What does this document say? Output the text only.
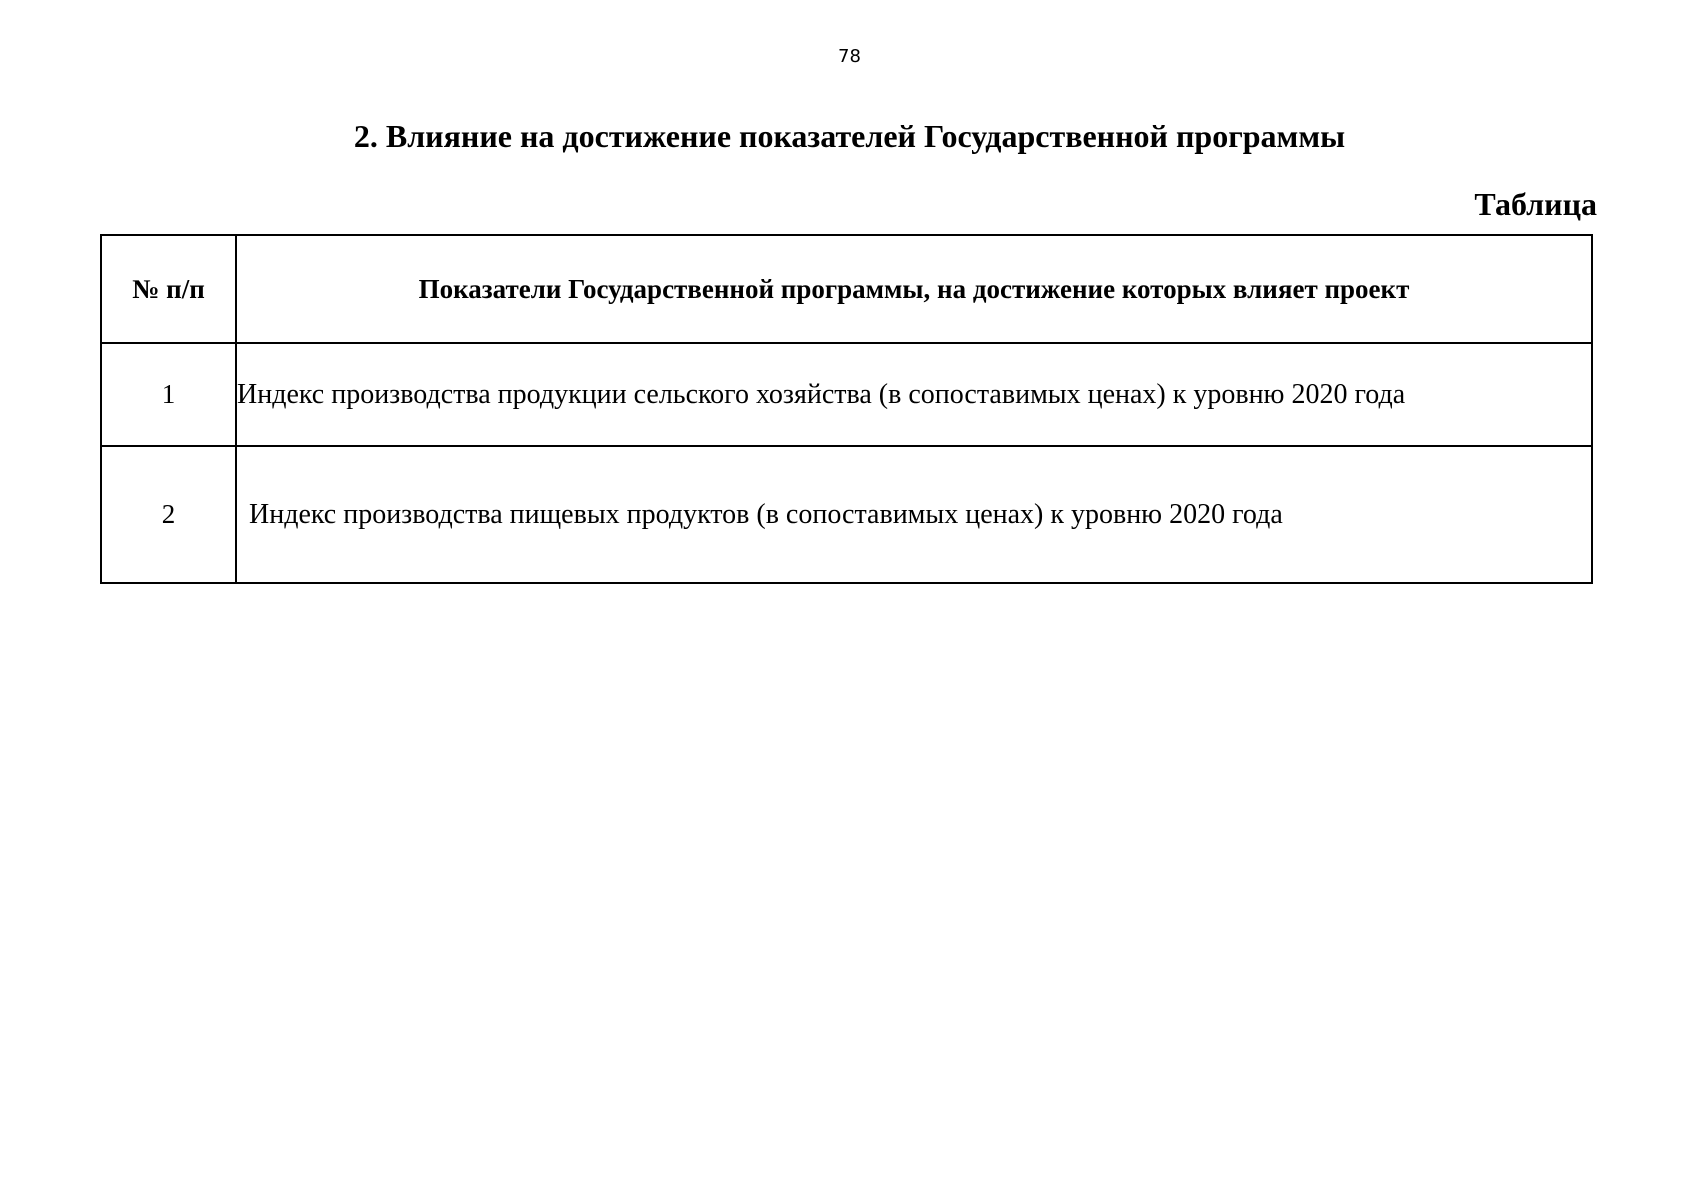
78
2. Влияние на достижение показателей Государственной программы
Таблица
№ п/п	Показатели Государственной программы, на достижение которых влияет проект
1	Индекс производства продукции сельского хозяйства (в сопоставимых ценах) к уровню 2020 года
2	Индекс производства пищевых продуктов (в сопоставимых ценах) к уровню 2020 года
